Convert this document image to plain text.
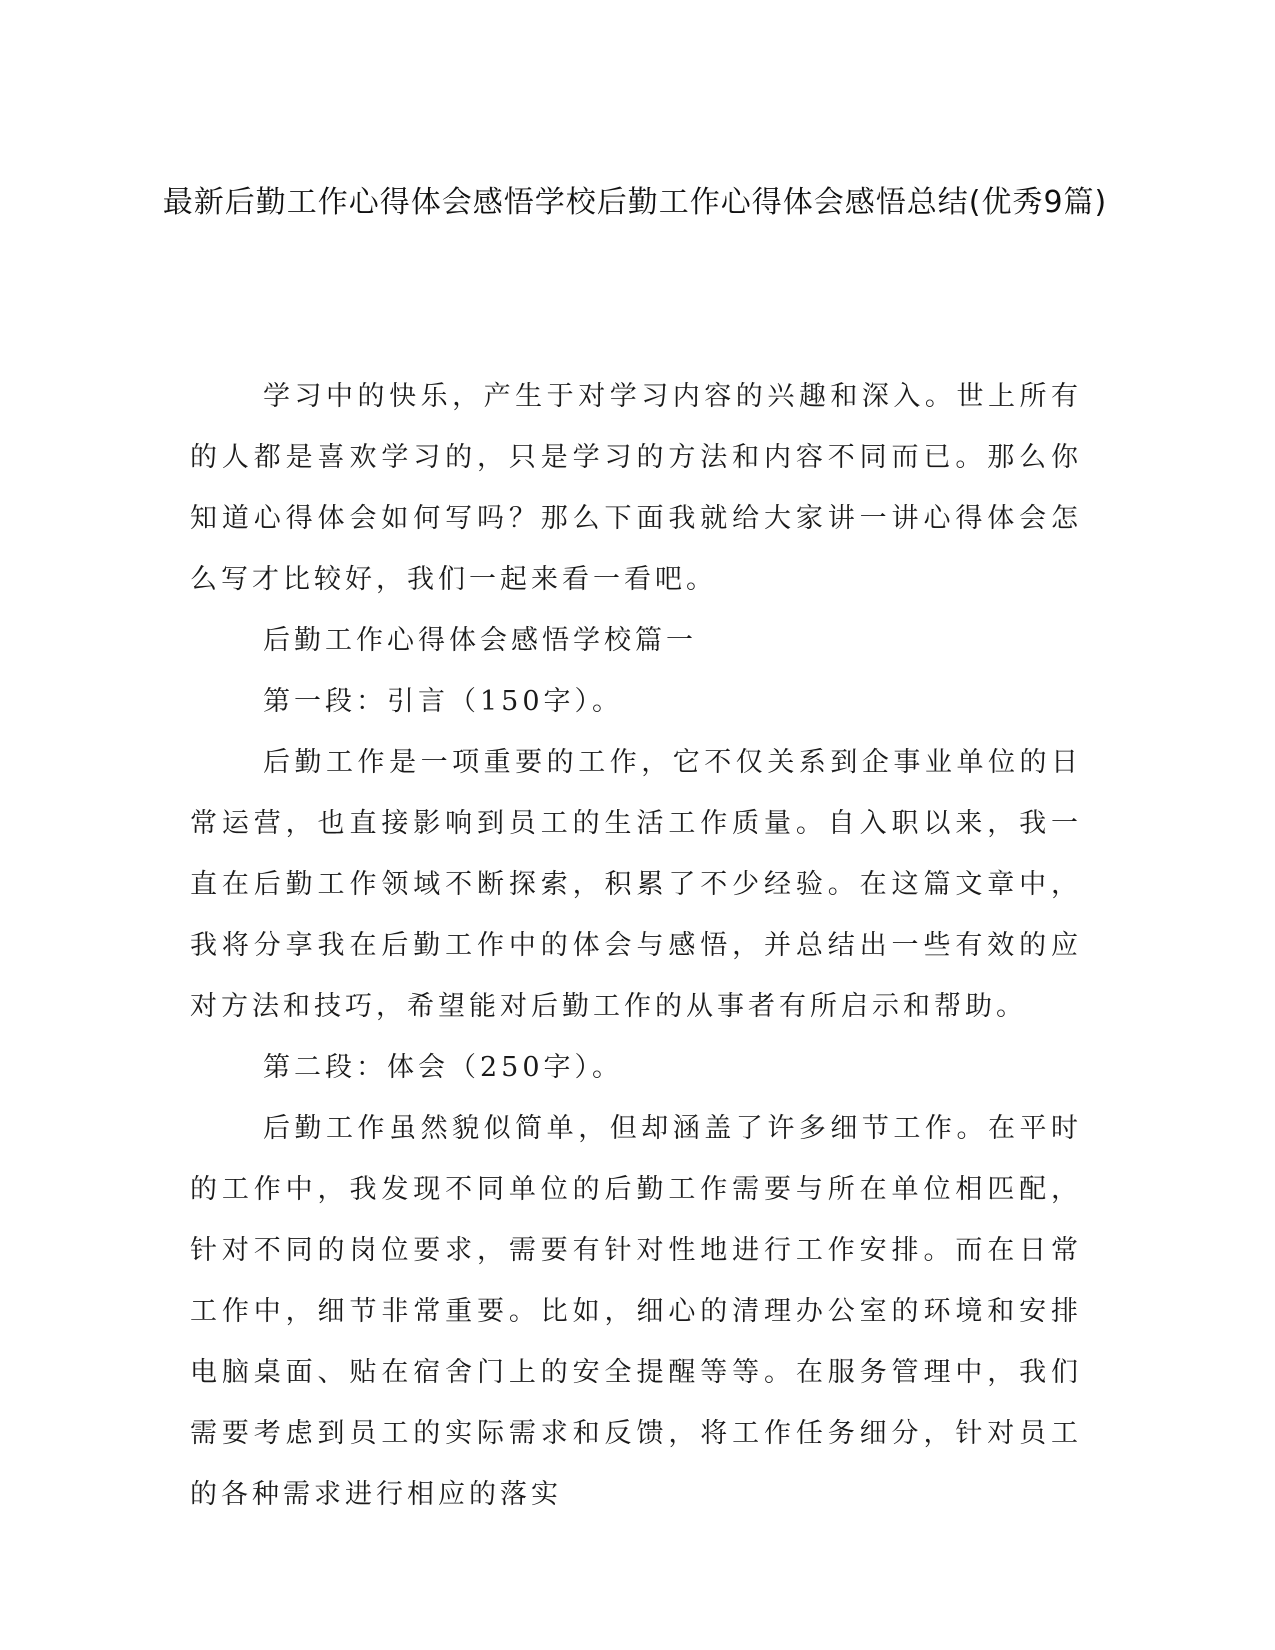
最新后勤工作心得体会感悟学校后勤工作心得体会感悟总结(优秀9篇)

学习中的快乐，产生于对学习内容的兴趣和深入。世上所有的人都是喜欢学习的，只是学习的方法和内容不同而已。那么你知道心得体会如何写吗？那么下面我就给大家讲一讲心得体会怎么写才比较好，我们一起来看一看吧。

后勤工作心得体会感悟学校篇一

第一段：引言（150字）。

后勤工作是一项重要的工作，它不仅关系到企事业单位的日常运营，也直接影响到员工的生活工作质量。自入职以来，我一直在后勤工作领域不断探索，积累了不少经验。在这篇文章中，我将分享我在后勤工作中的体会与感悟，并总结出一些有效的应对方法和技巧，希望能对后勤工作的从事者有所启示和帮助。

第二段：体会（250字）。

后勤工作虽然貌似简单，但却涵盖了许多细节工作。在平时的工作中，我发现不同单位的后勤工作需要与所在单位相匹配，针对不同的岗位要求，需要有针对性地进行工作安排。而在日常工作中，细节非常重要。比如，细心的清理办公室的环境和安排电脑桌面、贴在宿舍门上的安全提醒等等。在服务管理中，我们需要考虑到员工的实际需求和反馈，将工作任务细分，针对员工的各种需求进行相应的落实
